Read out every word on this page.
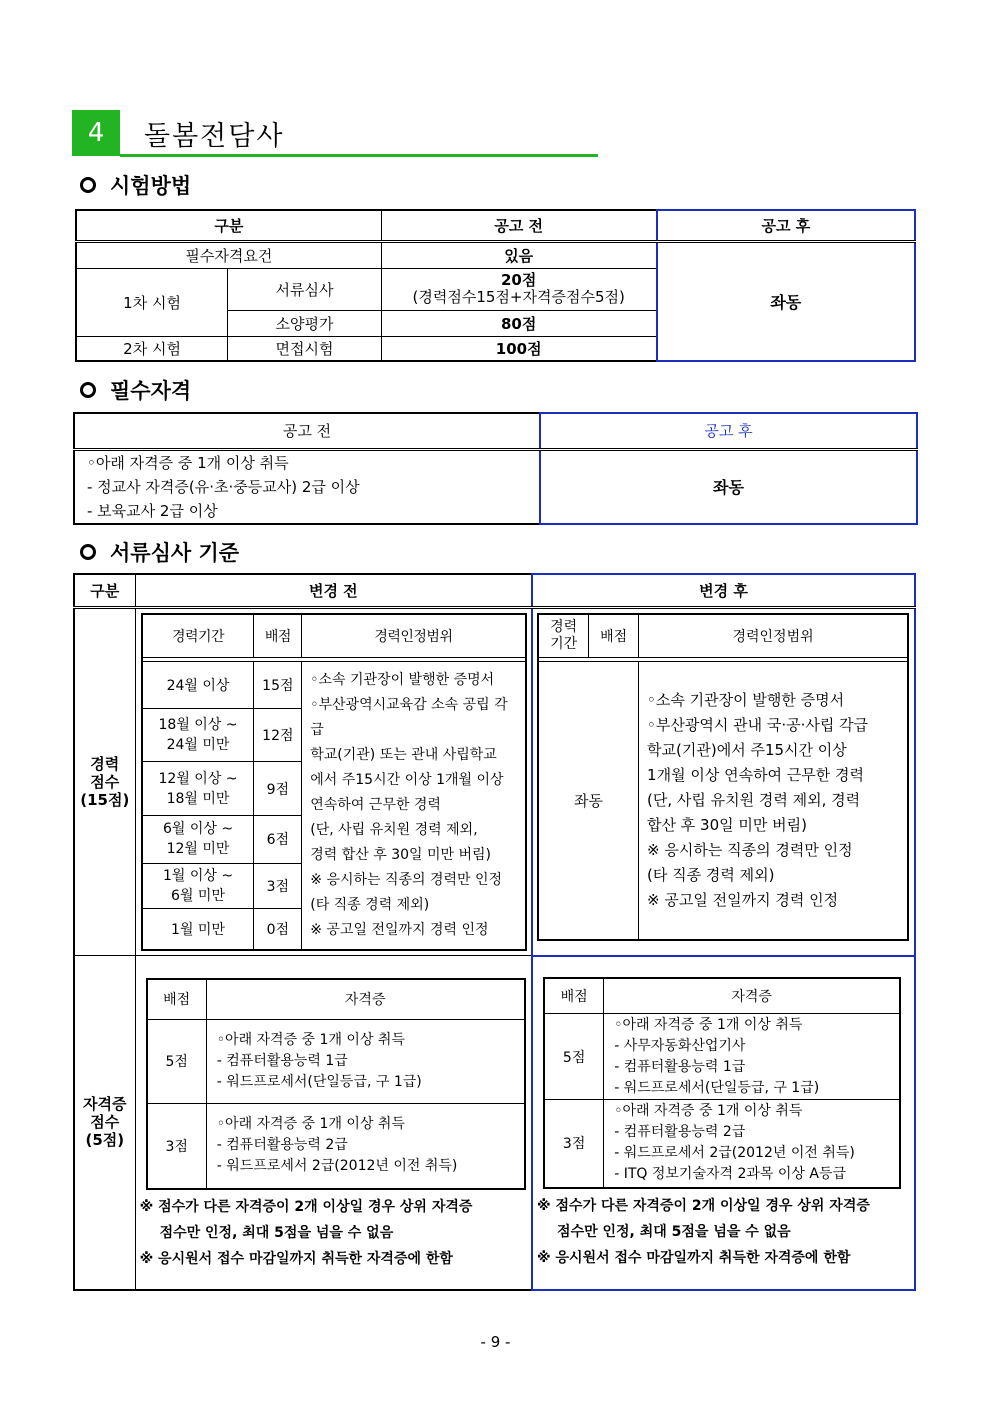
4	돌봄전담사
시험방법
구분		공고 전	공고 후
필수자격요건		있음	좌동
1차 시험	서류심사	20점
(경력점수15점+자격증점수5점)	

	소양평가	80점	
2차 시험	면접시험	100점	
필수자격
공고 전	공고 후

◦아래 자격증 중 1개 이상 취득
- 정교사 자격증(유·초·중등교사) 2급 이상
- 보육교사 2급 이상	좌동
서류심사 기준
구분	변경 전	변경 후

경력
점수
(15점)

경력기간	배점	경력인정범위

24월 이상	15점	◦소속 기관장이 발행한 증명서
◦부산광역시교육감 소속 공립 각급
학교(기관) 또는 관내 사립학교
에서 주15시간 이상 1개월 이상
연속하여 근무한 경력
(단, 사립 유치원 경력 제외,
경력 합산 후 30일 미만 버림)
※ 응시하는 직종의 경력만 인정
(타 직종 경력 제외)
※ 공고일 전일까지 경력 인정

18월 이상 ~
24월 미만
	12점

12월 이상 ~
18월 미만
	9점

6월 이상 ~
12월 미만
	6점

1월 이상 ~
6월 미만
	3점

1월 미만	0점

경력
기간	배점	경력인정범위

좌동	
◦소속 기관장이 발행한 증명서
◦부산광역시 관내 국·공·사립 각급
학교(기관)에서 주15시간 이상
1개월 이상 연속하여 근무한 경력
(단, 사립 유치원 경력 제외, 경력
합산 후 30일 미만 버림)
※ 응시하는 직종의 경력만 인정
(타 직종 경력 제외)
※ 공고일 전일까지 경력 인정

자격증
점수
(5점)

배점	자격증
5점	
◦아래 자격증 중 1개 이상 취득
- 컴퓨터활용능력 1급
- 워드프로세서(단일등급, 구 1급)

3점	
◦아래 자격증 중 1개 이상 취득
- 컴퓨터활용능력 2급
- 워드프로세서 2급(2012년 이전 취득)
※ 점수가 다른 자격증이 2개 이상일 경우 상위 자격증
점수만 인정, 최대 5점을 넘을 수 없음
※ 응시원서 접수 마감일까지 취득한 자격증에 한함

배점	자격증
5점	
◦아래 자격증 중 1개 이상 취득
- 사무자동화산업기사
- 컴퓨터활용능력 1급
- 워드프로세서(단일등급, 구 1급)

3점	
◦아래 자격증 중 1개 이상 취득
- 컴퓨터활용능력 2급
- 워드프로세서 2급(2012년 이전 취득)
- ITQ 정보기술자격 2과목 이상 A등급
※ 점수가 다른 자격증이 2개 이상일 경우 상위 자격증
점수만 인정, 최대 5점을 넘을 수 없음
※ 응시원서 접수 마감일까지 취득한 자격증에 한함
- 9 -
